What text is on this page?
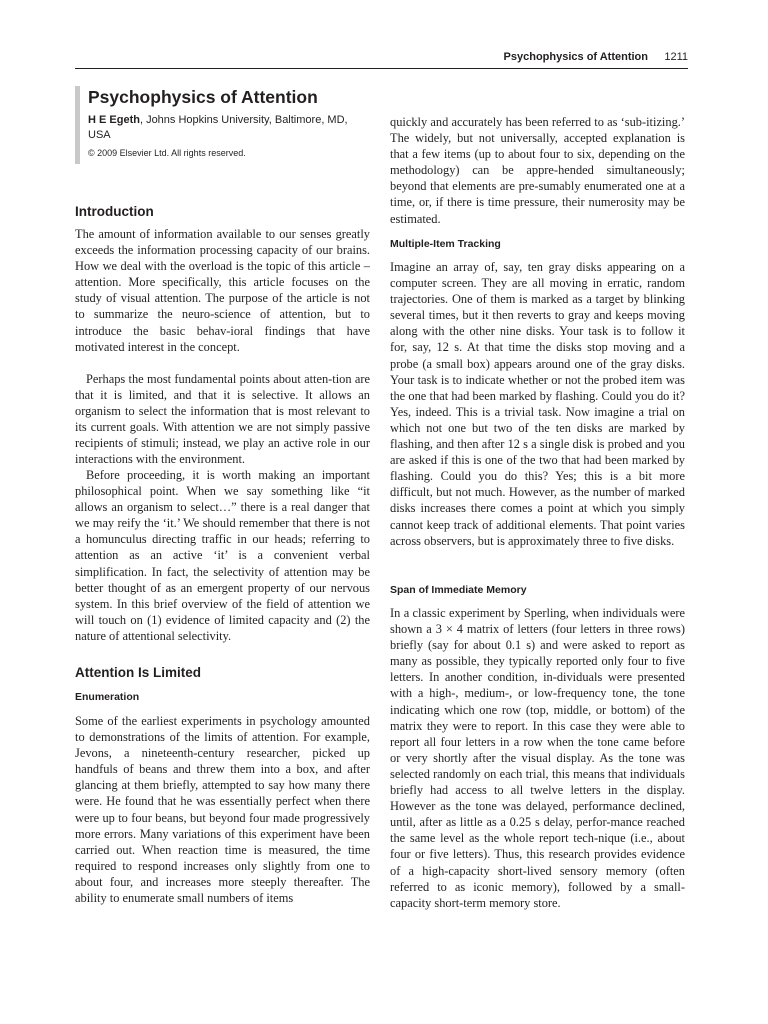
Psychophysics of Attention 1211
Psychophysics of Attention
H E Egeth, Johns Hopkins University, Baltimore, MD, USA
© 2009 Elsevier Ltd. All rights reserved.
Introduction

The amount of information available to our senses greatly exceeds the information processing capacity of our brains. How we deal with the overload is the topic of this article – attention. More specifically, this article focuses on the study of visual attention. The purpose of the article is not to summarize the neuro-science of attention, but to introduce the basic behav-ioral findings that have motivated interest in the concept.

Perhaps the most fundamental points about atten-tion are that it is limited, and that it is selective. It allows an organism to select the information that is most relevant to its current goals. With attention we are not simply passive recipients of stimuli; instead, we play an active role in our interactions with the environment.

Before proceeding, it is worth making an important philosophical point. When we say something like “it allows an organism to select…” there is a real danger that we may reify the ‘it.’ We should remember that there is not a homunculus directing traffic in our heads; referring to attention as an active ‘it’ is a convenient verbal simplification. In fact, the selectivity of attention may be better thought of as an emergent property of our nervous system. In this brief overview of the field of attention we will touch on (1) evidence of limited capacity and (2) the nature of attentional selectivity.

Attention Is Limited
Enumeration

Some of the earliest experiments in psychology amounted to demonstrations of the limits of attention. For example, Jevons, a nineteenth-century researcher, picked up handfuls of beans and threw them into a box, and after glancing at them briefly, attempted to say how many there were. He found that he was essentially perfect when there were up to four beans, but beyond four made progressively more errors. Many variations of this experiment have been carried out. When reaction time is measured, the time required to respond increases only slightly from one to about four, and increases more steeply thereafter. The ability to enumerate small numbers of items

quickly and accurately has been referred to as ‘sub-itizing.’ The widely, but not universally, accepted explanation is that a few items (up to about four to six, depending on the methodology) can be appre-hended simultaneously; beyond that elements are pre-sumably enumerated one at a time, or, if there is time pressure, their numerosity may be estimated.

Multiple-Item Tracking

Imagine an array of, say, ten gray disks appearing on a computer screen. They are all moving in erratic, random trajectories. One of them is marked as a target by blinking several times, but it then reverts to gray and keeps moving along with the other nine disks. Your task is to follow it for, say, 12 s. At that time the disks stop moving and a probe (a small box) appears around one of the gray disks. Your task is to indicate whether or not the probed item was the one that had been marked by flashing. Could you do it? Yes, indeed. This is a trivial task. Now imagine a trial on which not one but two of the ten disks are marked by flashing, and then after 12 s a single disk is probed and you are asked if this is one of the two that had been marked by flashing. Could you do this? Yes; this is a bit more difficult, but not much. However, as the number of marked disks increases there comes a point at which you simply cannot keep track of additional elements. That point varies across observers, but is approximately three to five disks.

Span of Immediate Memory

In a classic experiment by Sperling, when individuals were shown a 3 × 4 matrix of letters (four letters in three rows) briefly (say for about 0.1 s) and were asked to report as many as possible, they typically reported only four to five letters. In another condition, in-dividuals were presented with a high-, medium-, or low-frequency tone, the tone indicating which one row (top, middle, or bottom) of the matrix they were to report. In this case they were able to report all four letters in a row when the tone came before or very shortly after the visual display. As the tone was selected randomly on each trial, this means that individuals briefly had access to all twelve letters in the display. However as the tone was delayed, performance declined, until, after as little as a 0.25 s delay, perfor-mance reached the same level as the whole report tech-nique (i.e., about four or five letters). Thus, this research provides evidence of a high-capacity short-lived sensory memory (often referred to as iconic memory), followed by a small-capacity short-term memory store.
